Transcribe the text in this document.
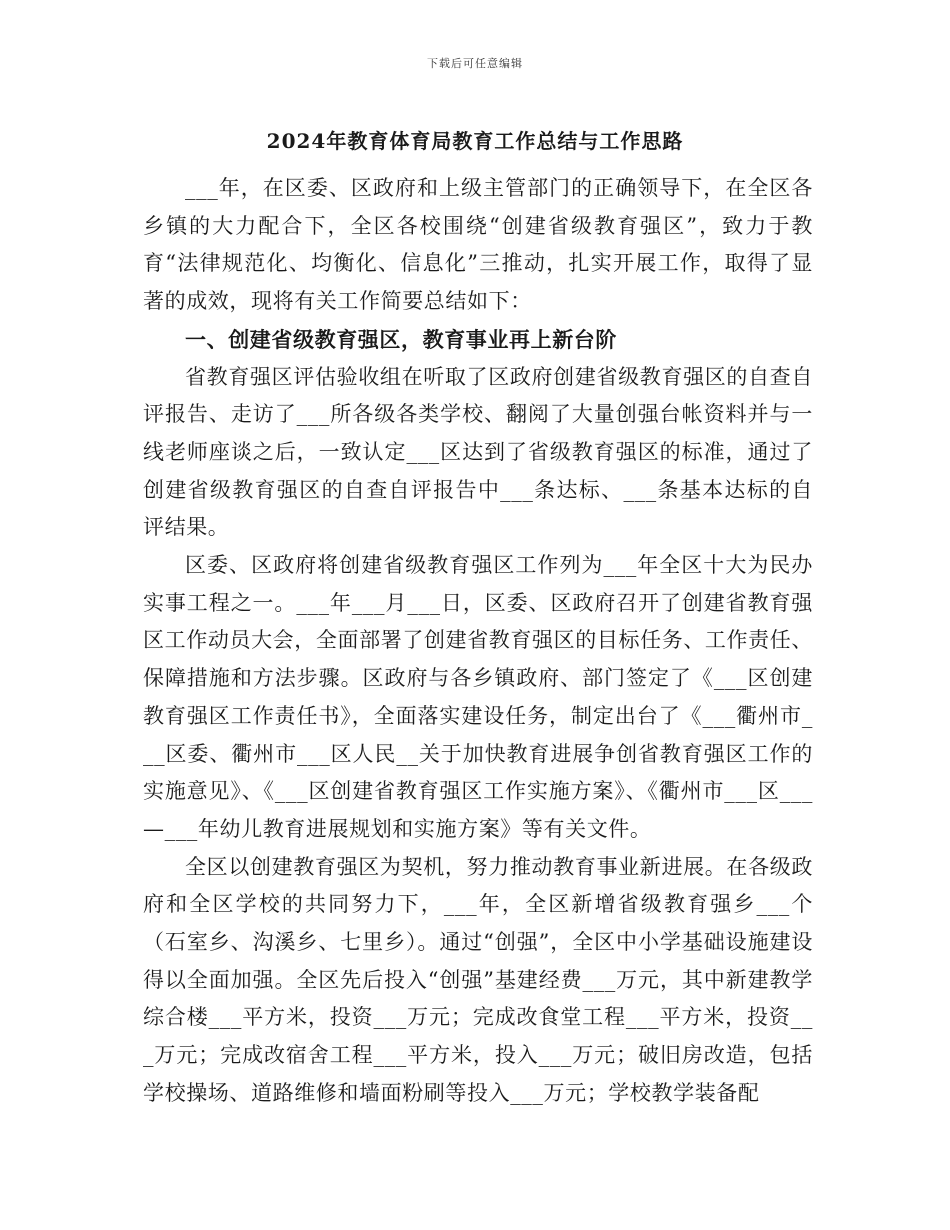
下载后可任意编辑
2024年教育体育局教育工作总结与工作思路

___年，在区委、区政府和上级主管部门的正确领导下，在全区各乡镇的大力配合下，全区各校围绕“创建省级教育强区”，致力于教育“法律规范化、均衡化、信息化”三推动，扎实开展工作，取得了显著的成效，现将有关工作简要总结如下：

一、创建省级教育强区，教育事业再上新台阶

省教育强区评估验收组在听取了区政府创建省级教育强区的自查自评报告、走访了___所各级各类学校、翻阅了大量创强台帐资料并与一线老师座谈之后，一致认定___区达到了省级教育强区的标准，通过了创建省级教育强区的自查自评报告中___条达标、___条基本达标的自评结果。

区委、区政府将创建省级教育强区工作列为___年全区十大为民办实事工程之一。___年___月___日，区委、区政府召开了创建省教育强区工作动员大会，全面部署了创建省教育强区的目标任务、工作责任、保障措施和方法步骤。区政府与各乡镇政府、部门签定了《___区创建教育强区工作责任书》，全面落实建设任务，制定出台了《___衢州市___区委、衢州市___区人民__关于加快教育进展争创省教育强区工作的实施意见》、《___区创建省教育强区工作实施方案》、《衢州市___区___—___年幼儿教育进展规划和实施方案》等有关文件。

全区以创建教育强区为契机，努力推动教育事业新进展。在各级政府和全区学校的共同努力下，___年，全区新增省级教育强乡___个（石室乡、沟溪乡、七里乡）。通过“创强”，全区中小学基础设施建设得以全面加强。全区先后投入“创强”基建经费___万元，其中新建教学综合楼___平方米，投资___万元；完成改食堂工程___平方米，投资___万元；完成改宿舍工程___平方米，投入___万元；破旧房改造，包括学校操场、道路维修和墙面粉刷等投入___万元；学校教学装备配
